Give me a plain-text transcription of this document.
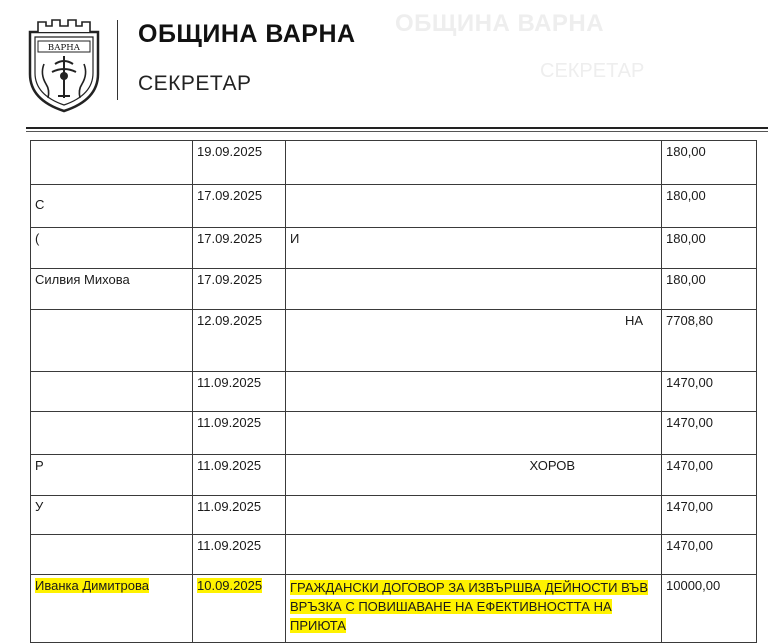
ВАРНА ОБЩИНА ВАРНА
СЕКРЕТАР
ОБЩИНА ВАРНА
СЕКРЕТАР
	19.09.2025		180,00
С	17.09.2025		180,00
(	17.09.2025	И	180,00
Силвия Михова	17.09.2025		180,00
	12.09.2025	НА	7708,80
	11.09.2025		1470,00
	11.09.2025		1470,00
Р	11.09.2025	ХОРОВ	1470,00
У	11.09.2025		1470,00
	11.09.2025		1470,00
Иванка Димитрова	10.09.2025	ГРАЖДАНСКИ ДОГОВОР ЗА ИЗВЪРШВА ДЕЙНОСТИ ВЪВ ВРЪЗКА С ПОВИШАВАНЕ НА ЕФЕКТИВНОСТТА НА ПРИЮТА	10000,00
